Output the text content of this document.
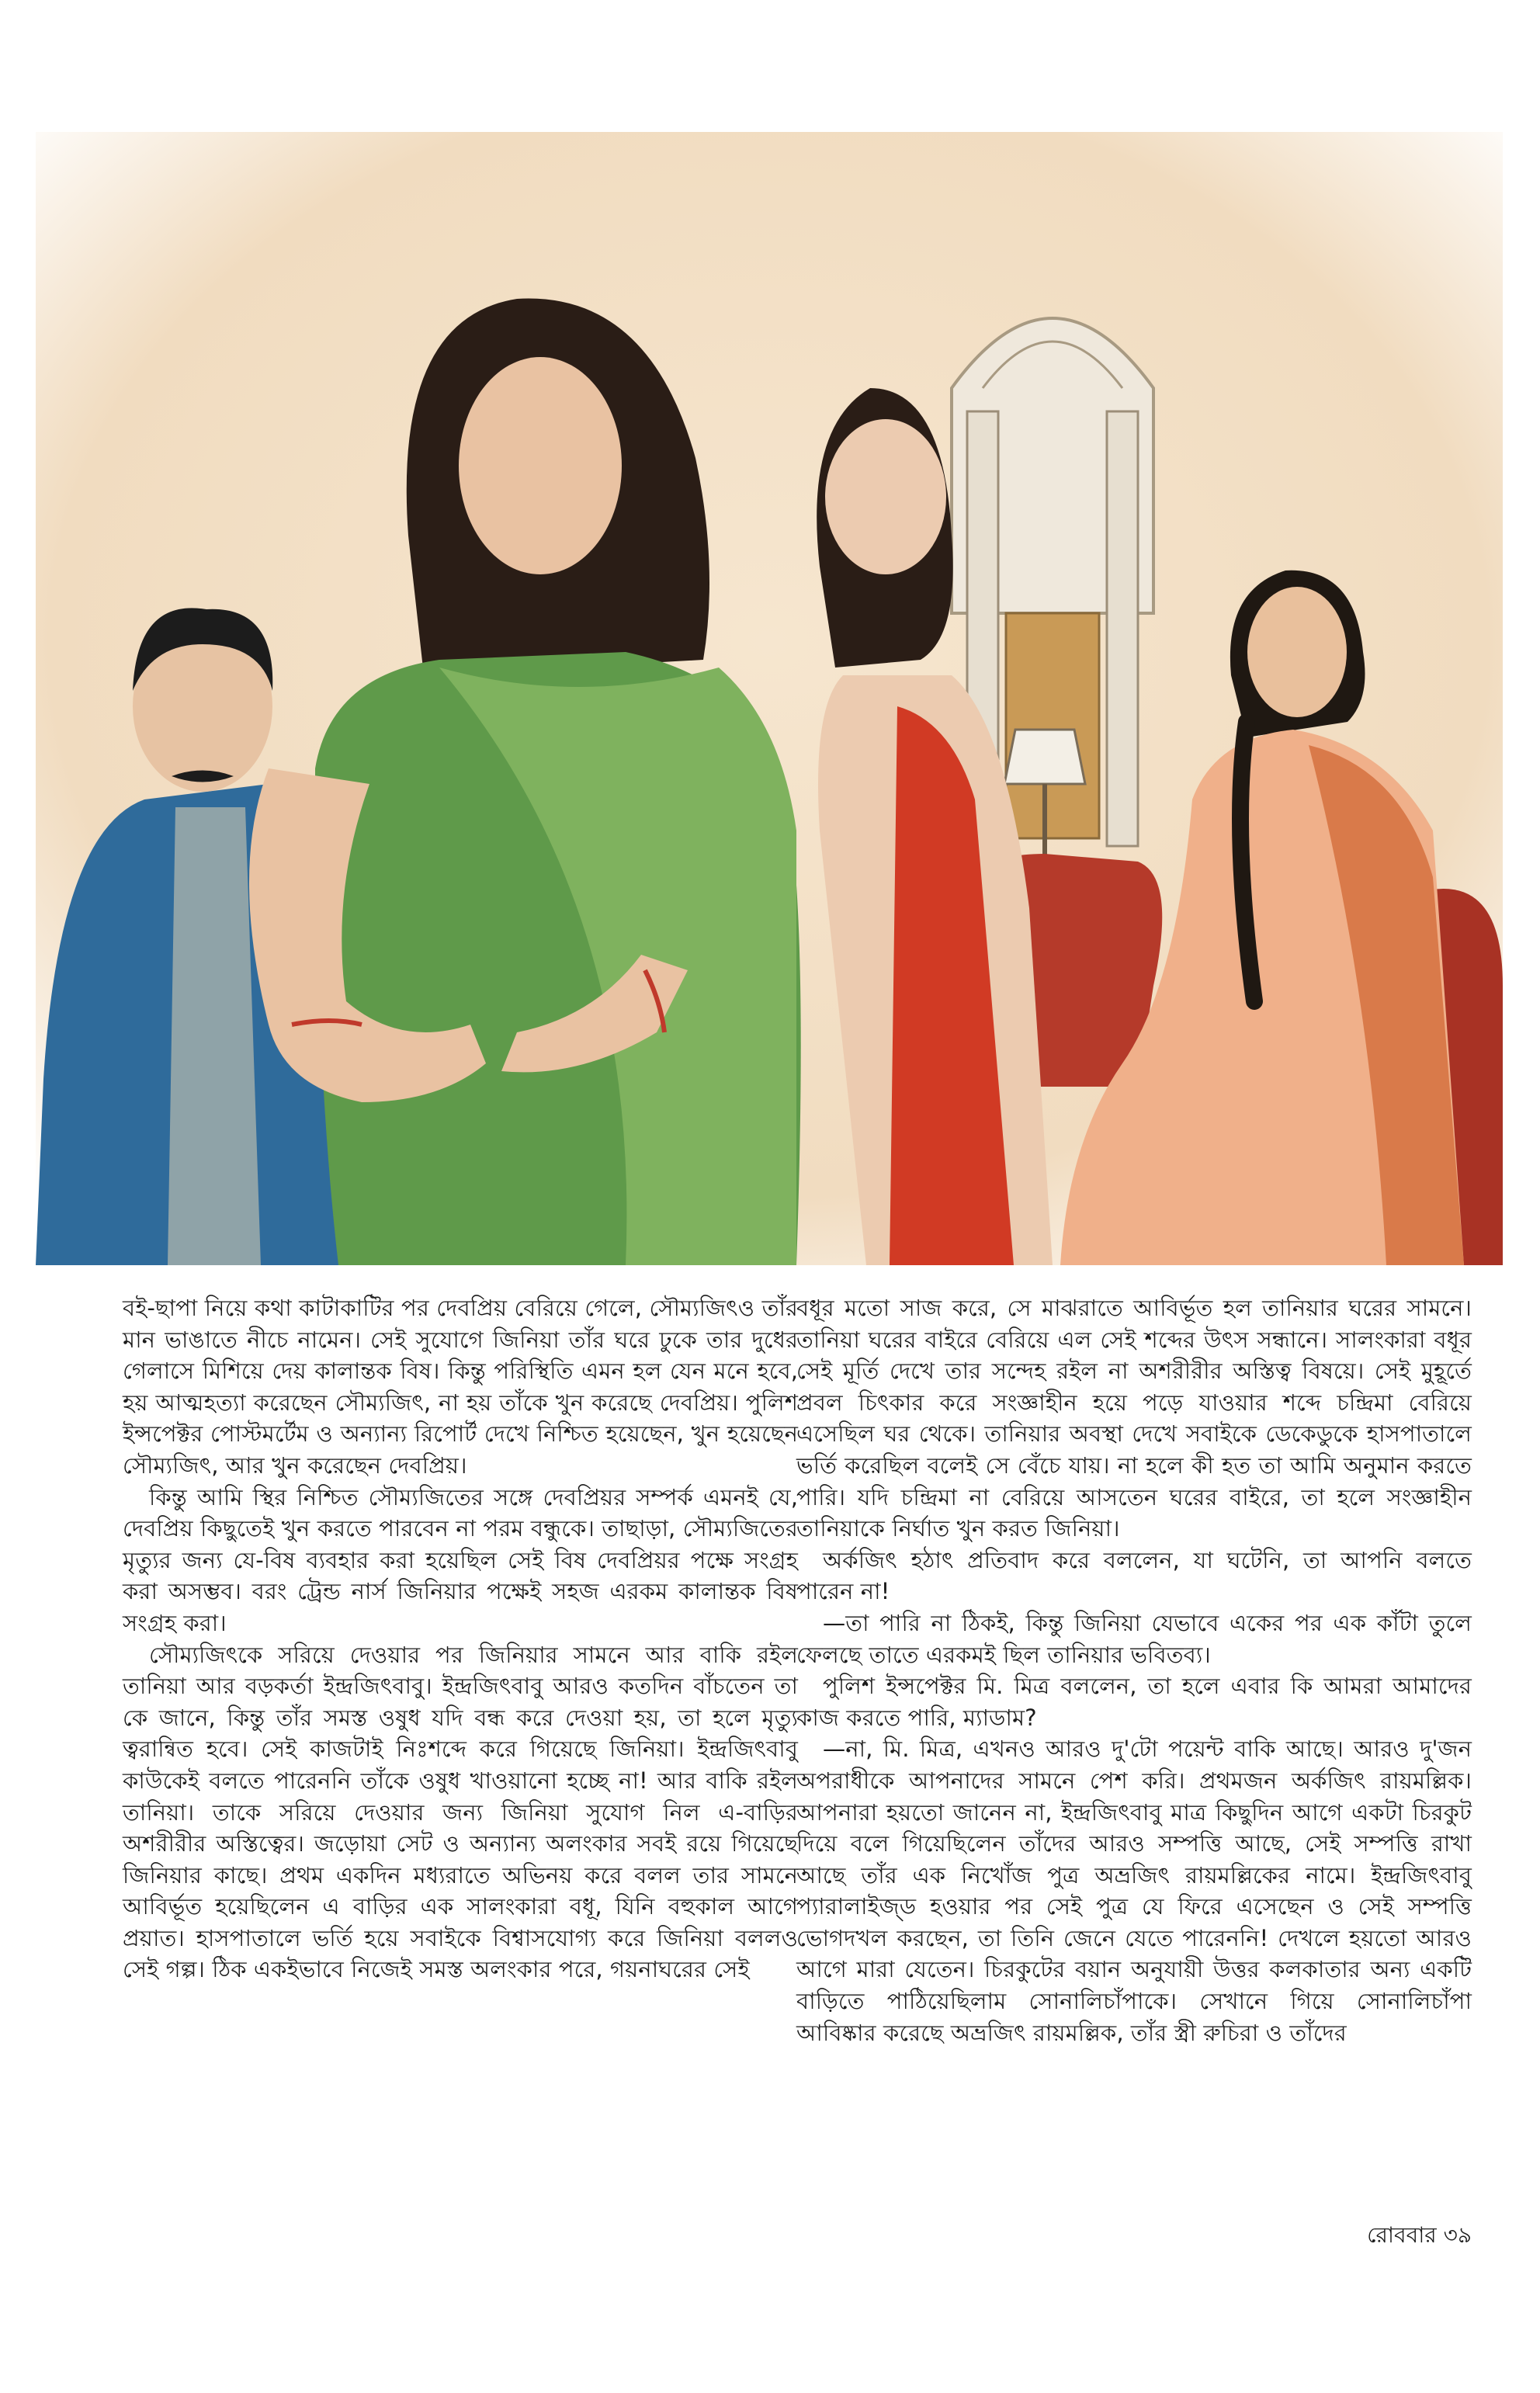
বই-ছাপা নিয়ে কথা কাটাকাটির পর দেবপ্রিয় বেরিয়ে গেলে, সৌম্যজিৎও তাঁর মান ভাঙাতে নীচে নামেন। সেই সুযোগে জিনিয়া তাঁর ঘরে ঢুকে তার দুধের গেলাসে মিশিয়ে দেয় কালান্তক বিষ। কিন্তু পরিস্থিতি এমন হল যেন মনে হবে, হয় আত্মহত্যা করেছেন সৌম্যজিৎ, না হয় তাঁকে খুন করেছে দেবপ্রিয়। পুলিশ ইন্সপেক্টর পোস্টমর্টেম ও অন্যান্য রিপোর্ট দেখে নিশ্চিত হয়েছেন, খুন হয়েছেন সৌম্যজিৎ, আর খুন করেছেন দেবপ্রিয়।

কিন্তু আমি স্থির নিশ্চিত সৌম্যজিতের সঙ্গে দেবপ্রিয়র সম্পর্ক এমনই যে, দেবপ্রিয় কিছুতেই খুন করতে পারবেন না পরম বন্ধুকে। তাছাড়া, সৌম্যজিতের মৃত্যুর জন্য যে-বিষ ব্যবহার করা হয়েছিল সেই বিষ দেবপ্রিয়র পক্ষে সংগ্রহ করা অসম্ভব। বরং ট্রেন্ড নার্স জিনিয়ার পক্ষেই সহজ এরকম কালান্তক বিষ সংগ্রহ করা।

সৌম্যজিৎকে সরিয়ে দেওয়ার পর জিনিয়ার সামনে আর বাকি রইল তানিয়া আর বড়কর্তা ইন্দ্রজিৎবাবু। ইন্দ্রজিৎবাবু আরও কতদিন বাঁচতেন তা কে জানে, কিন্তু তাঁর সমস্ত ওষুধ যদি বন্ধ করে দেওয়া হয়, তা হলে মৃত্যু ত্বরান্বিত হবে। সেই কাজটাই নিঃশব্দে করে গিয়েছে জিনিয়া। ইন্দ্রজিৎবাবু কাউকেই বলতে পারেননি তাঁকে ওষুধ খাওয়ানো হচ্ছে না! আর বাকি রইল তানিয়া। তাকে সরিয়ে দেওয়ার জন্য জিনিয়া সুযোগ নিল এ-বাড়ির অশরীরীর অস্তিত্বের। জড়োয়া সেট ও অন্যান্য অলংকার সবই রয়ে গিয়েছে জিনিয়ার কাছে। প্রথম একদিন মধ্যরাতে অভিনয় করে বলল তার সামনে আবির্ভূত হয়েছিলেন এ বাড়ির এক সালংকারা বধূ, যিনি বহুকাল আগে প্রয়াত। হাসপাতালে ভর্তি হয়ে সবাইকে বিশ্বাসযোগ্য করে জিনিয়া বললও সেই গল্প। ঠিক একইভাবে নিজেই সমস্ত অলংকার পরে, গয়নাঘরের সেই

বধূর মতো সাজ করে, সে মাঝরাতে আবির্ভূত হল তানিয়ার ঘরের সামনে। তানিয়া ঘরের বাইরে বেরিয়ে এল সেই শব্দের উৎস সন্ধানে। সালংকারা বধূর সেই মূর্তি দেখে তার সন্দেহ রইল না অশরীরীর অস্তিত্ব বিষয়ে। সেই মুহূর্তে প্রবল চিৎকার করে সংজ্ঞাহীন হয়ে পড়ে যাওয়ার শব্দে চন্দ্রিমা বেরিয়ে এসেছিল ঘর থেকে। তানিয়ার অবস্থা দেখে সবাইকে ডেকেডুকে হাসপাতালে ভর্তি করেছিল বলেই সে বেঁচে যায়। না হলে কী হত তা আমি অনুমান করতে পারি। যদি চন্দ্রিমা না বেরিয়ে আসতেন ঘরের বাইরে, তা হলে সংজ্ঞাহীন তানিয়াকে নির্ঘাত খুন করত জিনিয়া।

অর্কজিৎ হঠাৎ প্রতিবাদ করে বললেন, যা ঘটেনি, তা আপনি বলতে পারেন না!

—তা পারি না ঠিকই, কিন্তু জিনিয়া যেভাবে একের পর এক কাঁটা তুলে ফেলছে তাতে এরকমই ছিল তানিয়ার ভবিতব্য।

পুলিশ ইন্সপেক্টর মি. মিত্র বললেন, তা হলে এবার কি আমরা আমাদের কাজ করতে পারি, ম্যাডাম?

—না, মি. মিত্র, এখনও আরও দু'টো পয়েন্ট বাকি আছে। আরও দু'জন অপরাধীকে আপনাদের সামনে পেশ করি। প্রথমজন অর্কজিৎ রায়মল্লিক। আপনারা হয়তো জানেন না, ইন্দ্রজিৎবাবু মাত্র কিছুদিন আগে একটা চিরকুট দিয়ে বলে গিয়েছিলেন তাঁদের আরও সম্পত্তি আছে, সেই সম্পত্তি রাখা আছে তাঁর এক নিখোঁজ পুত্র অভ্রজিৎ রায়মল্লিকের নামে। ইন্দ্রজিৎবাবু প্যারালাইজ্ড হওয়ার পর সেই পুত্র যে ফিরে এসেছেন ও সেই সম্পত্তি ভোগদখল করছেন, তা তিনি জেনে যেতে পারেননি! দেখলে হয়তো আরও আগে মারা যেতেন। চিরকুটের বয়ান অনুযায়ী উত্তর কলকাতার অন্য একটি বাড়িতে পাঠিয়েছিলাম সোনালিচাঁপাকে। সেখানে গিয়ে সোনালিচাঁপা আবিষ্কার করেছে অভ্রজিৎ রায়মল্লিক, তাঁর স্ত্রী রুচিরা ও তাঁদের

রোববার ৩৯
